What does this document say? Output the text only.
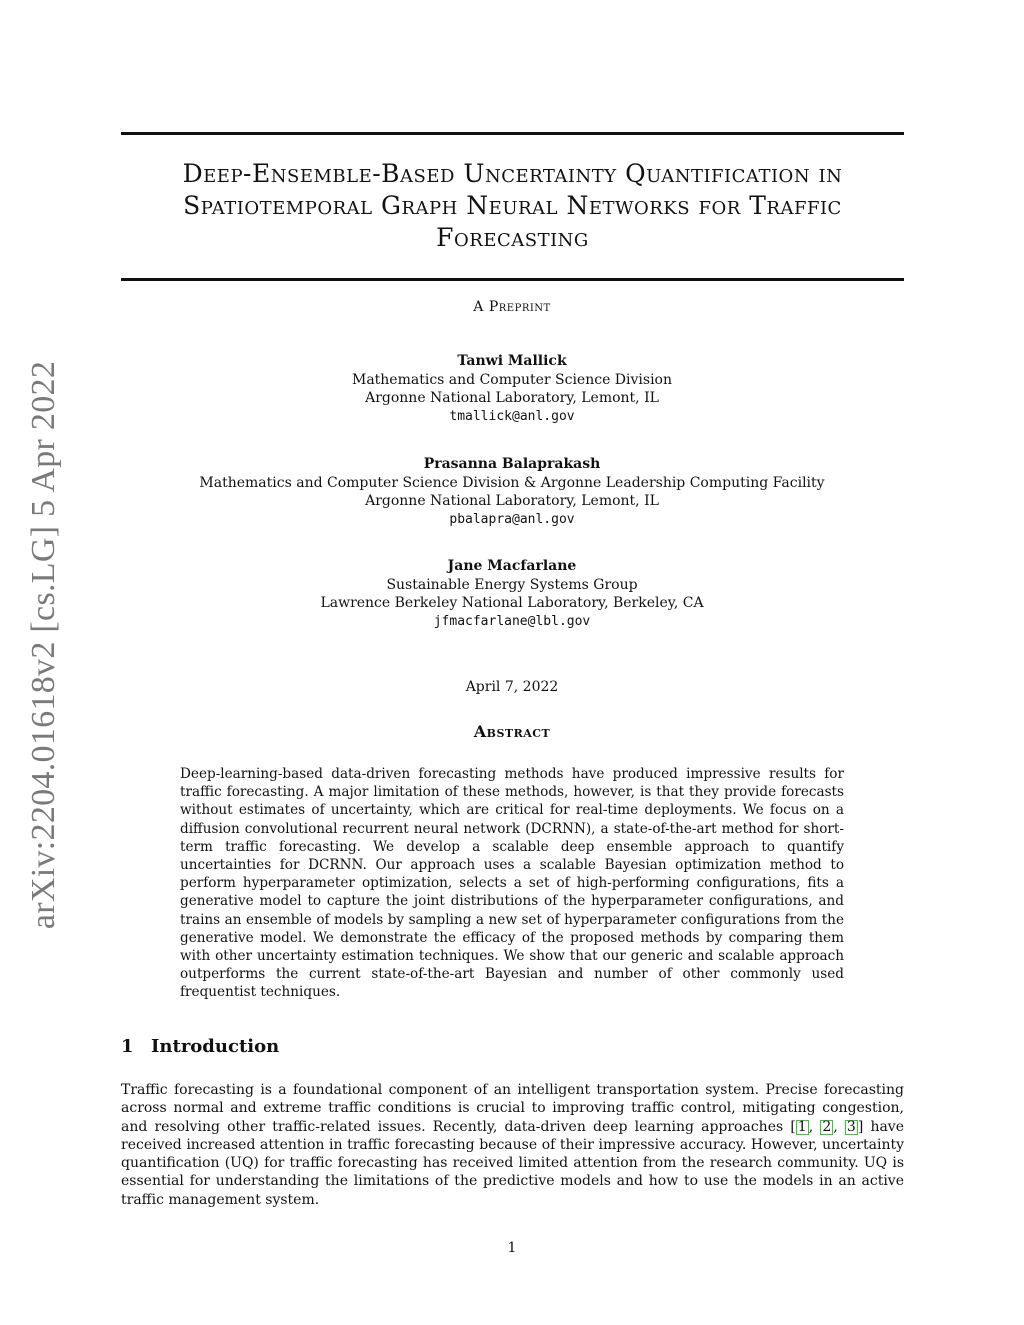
arXiv:2204.01618v2 [cs.LG] 5 Apr 2022
Deep-Ensemble-Based Uncertainty Quantification in
Spatiotemporal Graph Neural Networks for Traffic
Forecasting
A Preprint
Tanwi Mallick
Mathematics and Computer Science Division
Argonne National Laboratory, Lemont, IL
tmallick@anl.gov
Prasanna Balaprakash
Mathematics and Computer Science Division & Argonne Leadership Computing Facility
Argonne National Laboratory, Lemont, IL
pbalapra@anl.gov
Jane Macfarlane
Sustainable Energy Systems Group
Lawrence Berkeley National Laboratory, Berkeley, CA
jfmacfarlane@lbl.gov
April 7, 2022
Abstract
Deep-learning-based data-driven forecasting methods have produced impressive results for traffic forecasting. A major limitation of these methods, however, is that they provide forecasts without estimates of uncertainty, which are critical for real-time deployments. We focus on a diffusion convolutional recurrent neural network (DCRNN), a state-of-the-art method for short-term traffic forecasting. We develop a scalable deep ensemble approach to quantify uncertainties for DCRNN. Our approach uses a scalable Bayesian optimization method to perform hyperparameter optimization, selects a set of high-performing configurations, fits a generative model to capture the joint distributions of the hyperparameter configurations, and trains an ensemble of models by sampling a new set of hyperparameter configurations from the generative model. We demonstrate the efficacy of the proposed methods by comparing them with other uncertainty estimation techniques. We show that our generic and scalable approach outperforms the current state-of-the-art Bayesian and number of other commonly used frequentist techniques.
1 Introduction
Traffic forecasting is a foundational component of an intelligent transportation system. Precise forecasting across normal and extreme traffic conditions is crucial to improving traffic control, mitigating congestion, and resolving other traffic-related issues. Recently, data-driven deep learning approaches [ 1 , 2 , 3 ] have received increased attention in traffic forecasting because of their impressive accuracy. However, uncertainty quantification (UQ) for traffic forecasting has received limited attention from the research community. UQ is essential for understanding the limitations of the predictive models and how to use the models in an active traffic management system.
1
